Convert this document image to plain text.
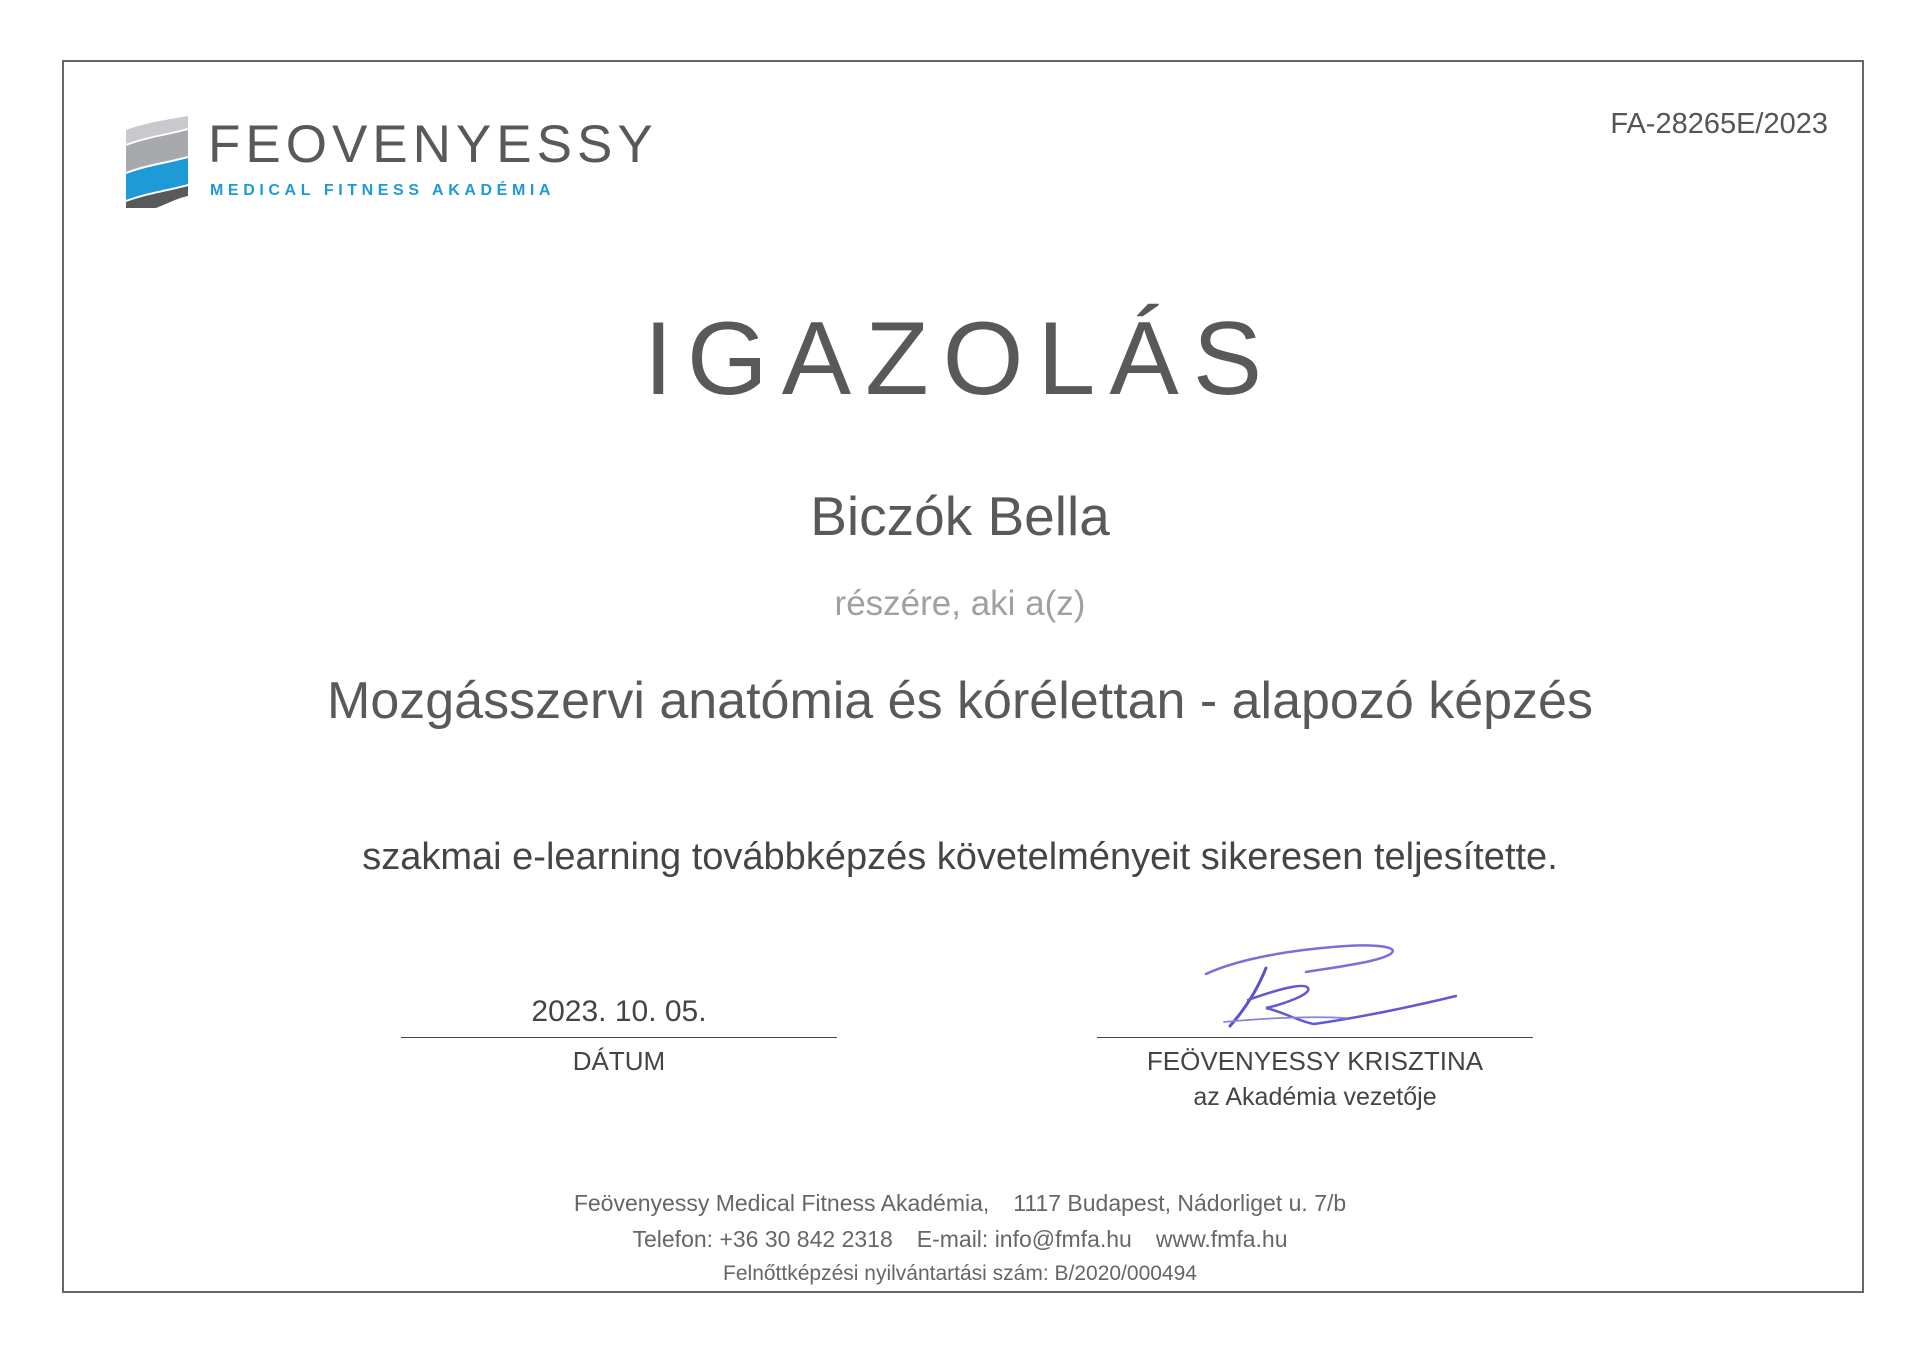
FEOVENYESSY
MEDICAL FITNESS AKADÉMIA
FA-28265E/2023
IGAZOLÁS
Biczók Bella
részére, aki a(z)
Mozgásszervi anatómia és kórélettan - alapozó képzés
szakmai e-learning továbbképzés követelményeit sikeresen teljesítette.
2023. 10. 05.
DÁTUM	FEÖVENYESSY KRISZTINA
az Akadémia vezetője
Feövenyessy Medical Fitness Akadémia, 1117 Budapest, Nádorliget u. 7/b
Telefon: +36 30 842 2318 E-mail: info@fmfa.hu www.fmfa.hu
Felnőttképzési nyilvántartási szám: B/2020/000494
